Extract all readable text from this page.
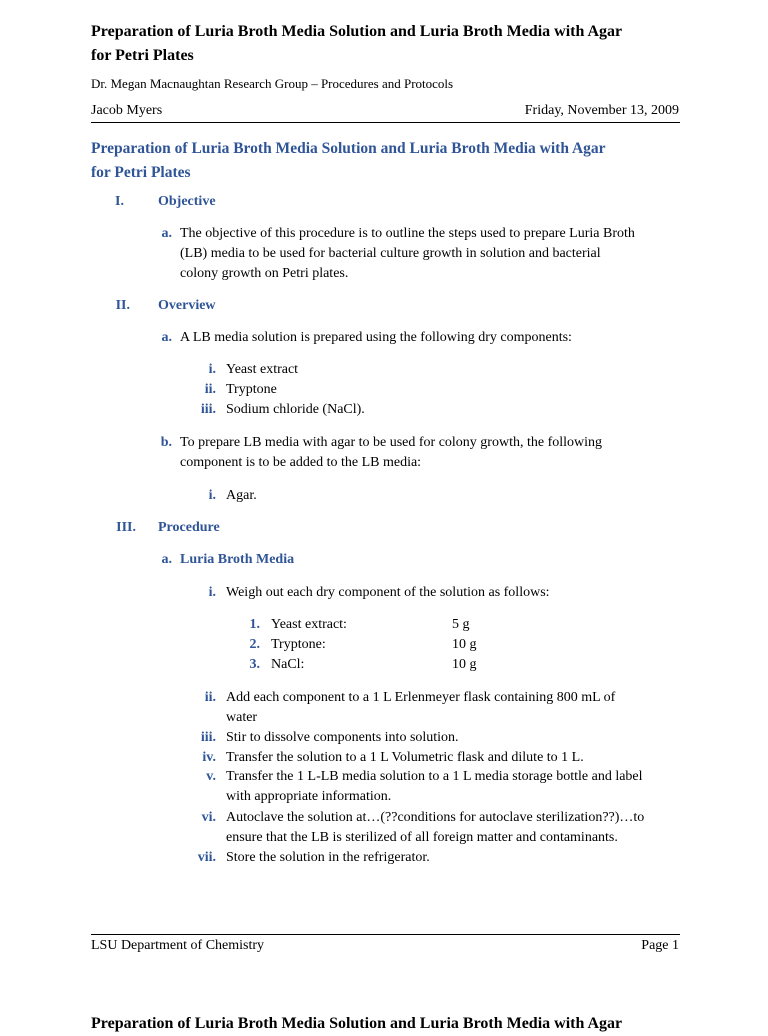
Preparation of Luria Broth Media Solution and Luria Broth Media with Agar
for Petri Plates
Dr. Megan Macnaughtan Research Group – Procedures and Protocols
Jacob Myers	Friday, November 13, 2009
Preparation of Luria Broth Media Solution and Luria Broth Media with Agar
for Petri Plates
I. Objective
a. The objective of this procedure is to outline the steps used to prepare Luria Broth
(LB) media to be used for bacterial culture growth in solution and bacterial
colony growth on Petri plates.
II. Overview
a. A LB media solution is prepared using the following dry components:
i. Yeast extract
ii. Tryptone
iii. Sodium chloride (NaCl).
b. To prepare LB media with agar to be used for colony growth, the following
component is to be added to the LB media:
i. Agar.
III. Procedure
a. Luria Broth Media
i. Weigh out each dry component of the solution as follows:
1. Yeast extract:	5 g
2. Tryptone:	10 g
3. NaCl:	10 g
ii. Add each component to a 1 L Erlenmeyer flask containing 800 mL of
water
iii. Stir to dissolve components into solution.
iv. Transfer the solution to a 1 L Volumetric flask and dilute to 1 L.
v. Transfer the 1 L-LB media solution to a 1 L media storage bottle and label
with appropriate information.
vi. Autoclave the solution at…(??conditions for autoclave sterilization??)…to
ensure that the LB is sterilized of all foreign matter and contaminants.
vii. Store the solution in the refrigerator.
LSU Department of Chemistry	Page 1
Preparation of Luria Broth Media Solution and Luria Broth Media with Agar
